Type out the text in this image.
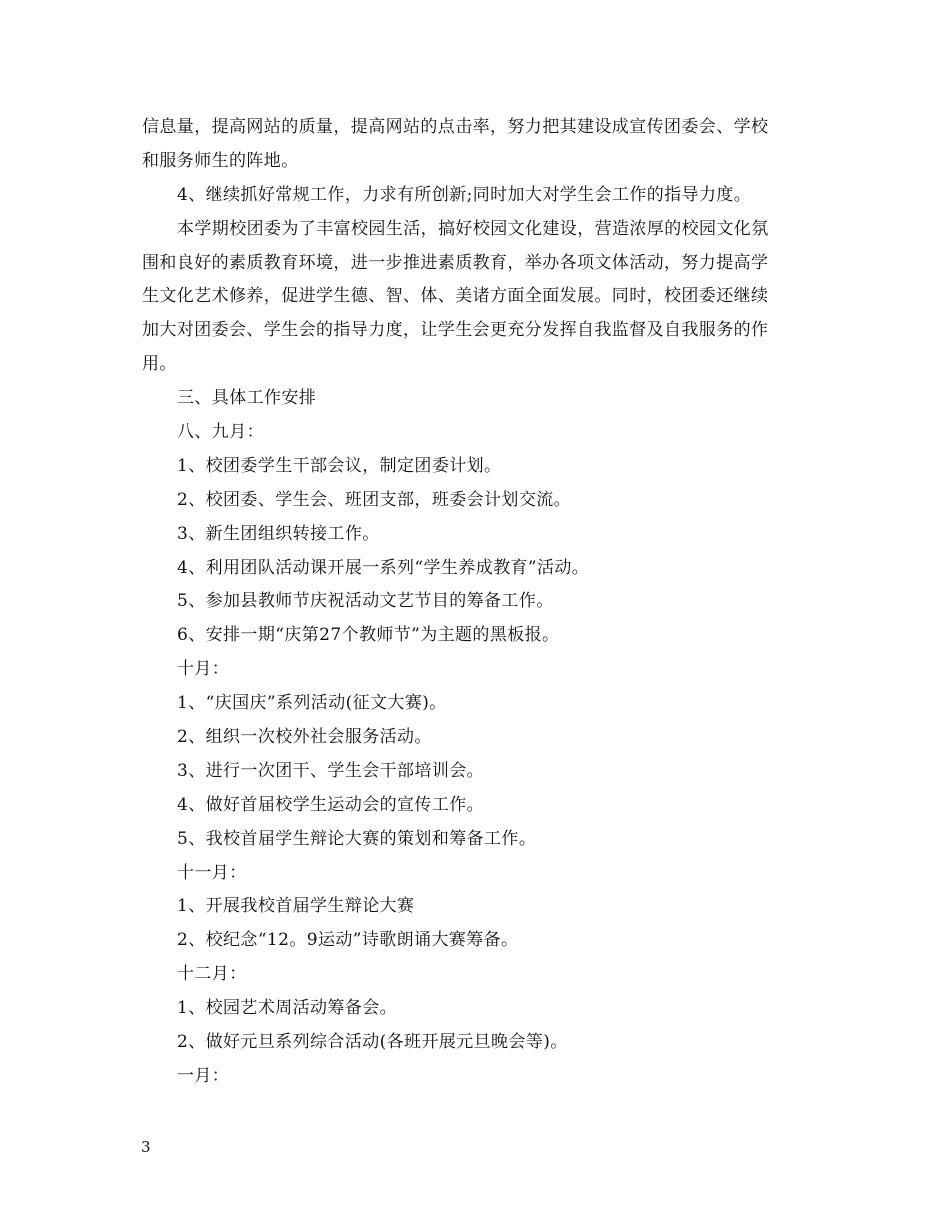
信息量，提高网站的质量，提高网站的点击率，努力把其建设成宣传团委会、学校
和服务师生的阵地。
4、继续抓好常规工作，力求有所创新;同时加大对学生会工作的指导力度。
本学期校团委为了丰富校园生活，搞好校园文化建设，营造浓厚的校园文化氛
围和良好的素质教育环境，进一步推进素质教育，举办各项文体活动，努力提高学
生文化艺术修养，促进学生德、智、体、美诸方面全面发展。同时，校团委还继续
加大对团委会、学生会的指导力度，让学生会更充分发挥自我监督及自我服务的作
用。
三、具体工作安排
八、九月：
1、校团委学生干部会议，制定团委计划。
2、校团委、学生会、班团支部，班委会计划交流。
3、新生团组织转接工作。
4、利用团队活动课开展一系列“学生养成教育”活动。
5、参加县教师节庆祝活动文艺节目的筹备工作。
6、安排一期“庆第27个教师节”为主题的黑板报。
十月：
1、“庆国庆”系列活动(征文大赛)。
2、组织一次校外社会服务活动。
3、进行一次团干、学生会干部培训会。
4、做好首届校学生运动会的宣传工作。
5、我校首届学生辩论大赛的策划和筹备工作。
十一月：
1、开展我校首届学生辩论大赛
2、校纪念“12。9运动”诗歌朗诵大赛筹备。
十二月：
1、校园艺术周活动筹备会。
2、做好元旦系列综合活动(各班开展元旦晚会等)。
一月：
3
